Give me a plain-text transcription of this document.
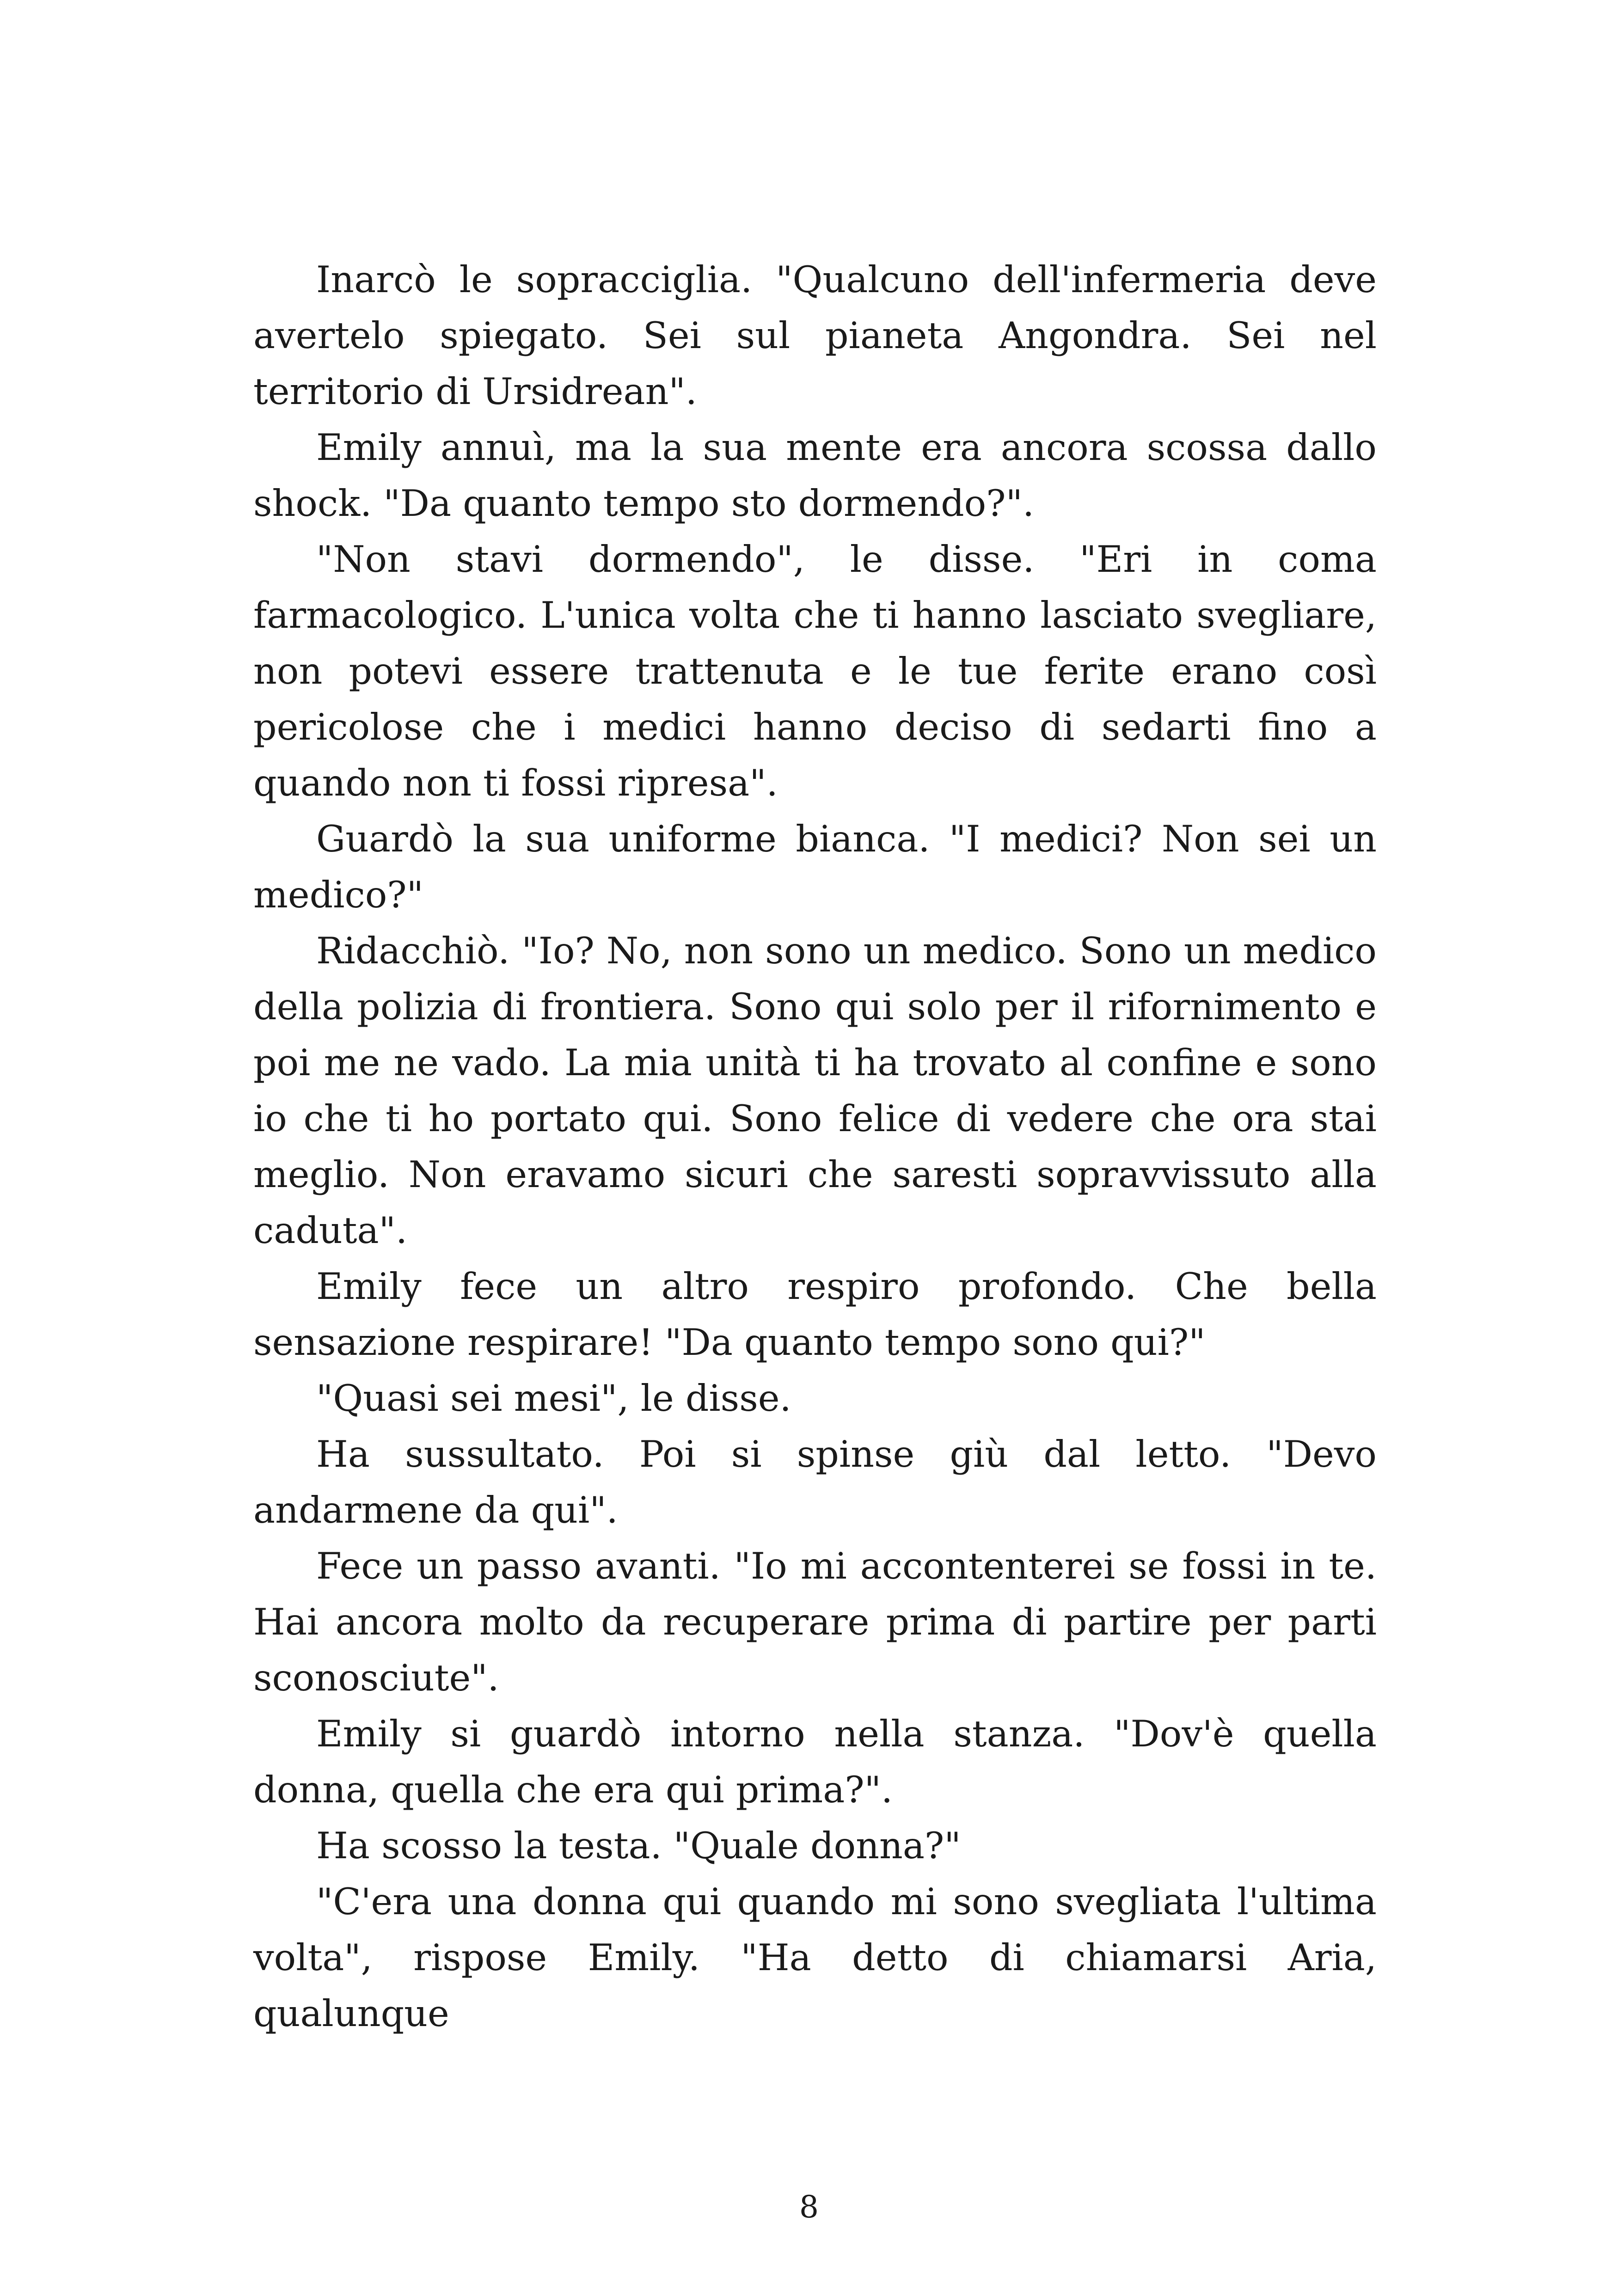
Inarcò le sopracciglia. "Qualcuno dell'infermeria deve avertelo spiegato. Sei sul pianeta Angondra. Sei nel territorio di Ursidrean".

Emily annuì, ma la sua mente era ancora scossa dallo shock. "Da quanto tempo sto dormendo?".

"Non stavi dormendo", le disse. "Eri in coma farmacologico. L'unica volta che ti hanno lasciato svegliare, non potevi essere trattenuta e le tue ferite erano così pericolose che i medici hanno deciso di sedarti fino a quando non ti fossi ripresa".

Guardò la sua uniforme bianca. "I medici? Non sei un medico?"

Ridacchiò. "Io? No, non sono un medico. Sono un medico della polizia di frontiera. Sono qui solo per il rifornimento e poi me ne vado. La mia unità ti ha trovato al confine e sono io che ti ho portato qui. Sono felice di vedere che ora stai meglio. Non eravamo sicuri che saresti sopravvissuto alla caduta".

Emily fece un altro respiro profondo. Che bella sensazione respirare! "Da quanto tempo sono qui?"

"Quasi sei mesi", le disse.

Ha sussultato. Poi si spinse giù dal letto. "Devo andarmene da qui".

Fece un passo avanti. "Io mi accontenterei se fossi in te. Hai ancora molto da recuperare prima di partire per parti sconosciute".

Emily si guardò intorno nella stanza. "Dov'è quella donna, quella che era qui prima?".

Ha scosso la testa. "Quale donna?"

"C'era una donna qui quando mi sono svegliata l'ultima volta", rispose Emily. "Ha detto di chiamarsi Aria, qualunque

8
